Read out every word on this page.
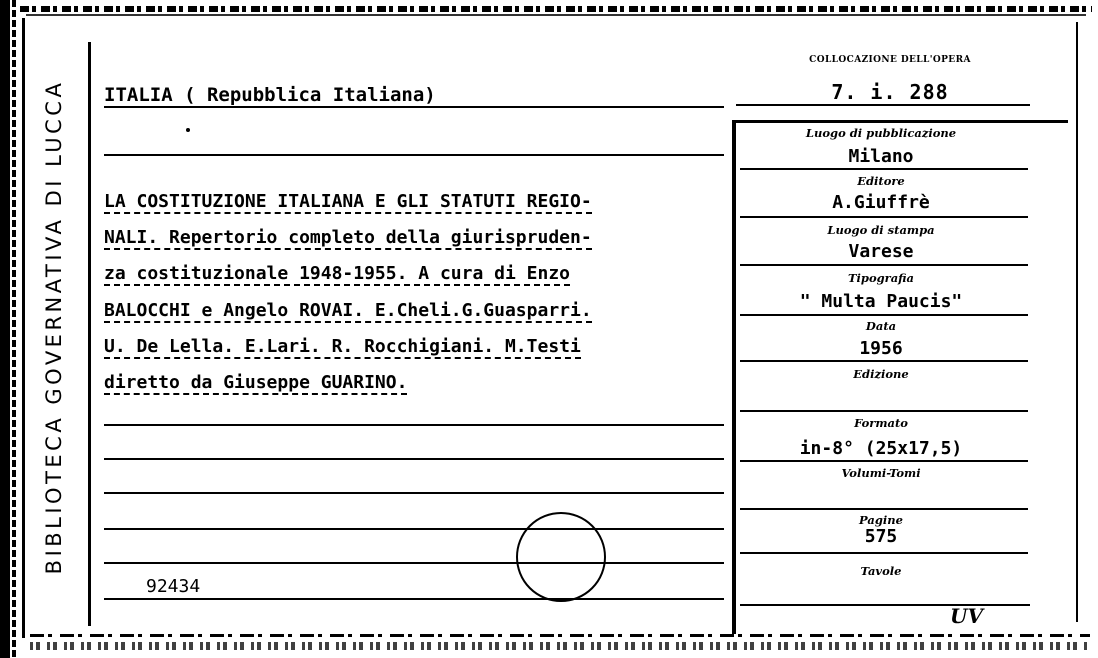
BIBLIOTECA GOVERNATIVA DI LUCCA
COLLOCAZIONE DELL'OPERA
7. i. 288
ITALIA ( Repubblica Italiana)
LA COSTITUZIONE ITALIANA E GLI STATUTI REGIO-
NALI. Repertorio completo della giurispruden-
za costituzionale 1948-1955. A cura di Enzo
BALOCCHI e Angelo ROVAI. E.Cheli.G.Guasparri.
U. De Lella. E.Lari. R. Rocchigiani. M.Testi
diretto da Giuseppe GUARINO.
92434
Luogo di pubblicazione
Milano
Editore
A.Giuffrè
Luogo di stampa
Varese
Tipografia
" Multa Paucis"
Data
1956
Edizione
Formato
in-8° (25x17,5)
Volumi-Tomi
Pagine
575
Tavole
UV
